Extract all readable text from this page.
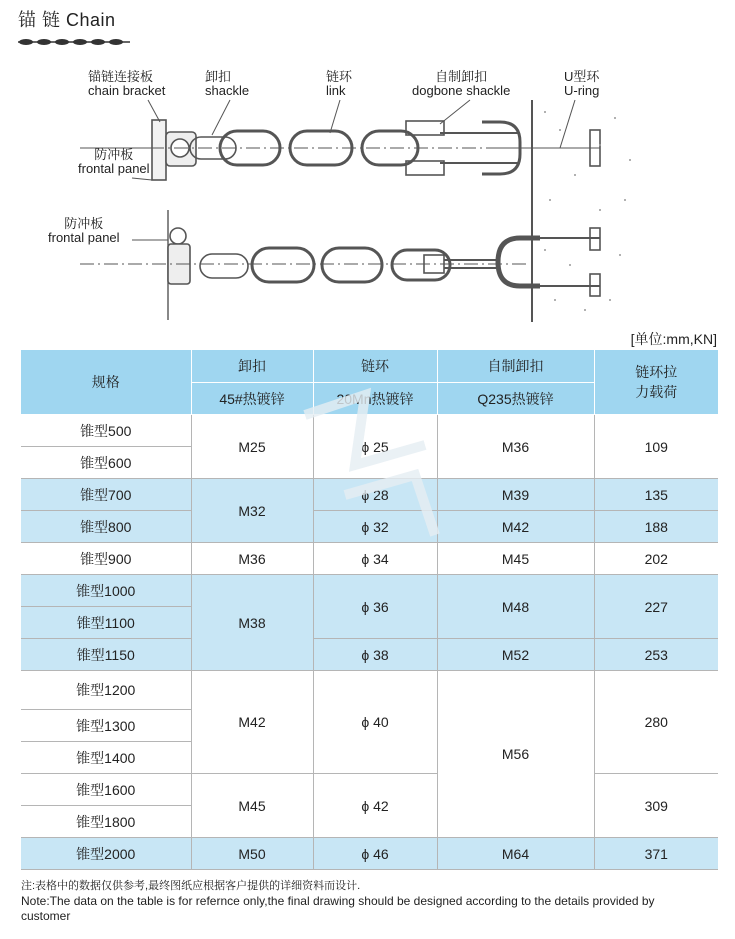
锚 链 Chain
锚链连接板
chain bracket
卸扣
shackle
链环
link
自制卸扣
dogbone shackle
U型环
U-ring
防冲板
frontal panel
防冲板
frontal panel
[单位:mm,KN]
规格	卸扣	链环	自制卸扣	链环拉
力载荷

	45#热镀锌	20Mn热镀锌	Q235热镀锌	
锥型500	M25	ϕ 25	M36	109
锥型600				
锥型700	M32	ϕ 28	M39	135
锥型800		ϕ 32	M42	188
锥型900	M36	ϕ 34	M45	202
锥型1000	M38	ϕ 36	M48	227
锥型1100				
锥型1150		ϕ 38	M52	253
锥型1200	M42	ϕ 40	M56	280
锥型1300				
锥型1400				
锥型1600	M45	ϕ 42		309
锥型1800				
锥型2000	M50	ϕ 46	M64	371
注:表格中的数据仅供参考,最终图纸应根据客户提供的详细资料而设计.
Note:The data on the table is for refernce only,the final drawing should be designed according to the details provided by customer
